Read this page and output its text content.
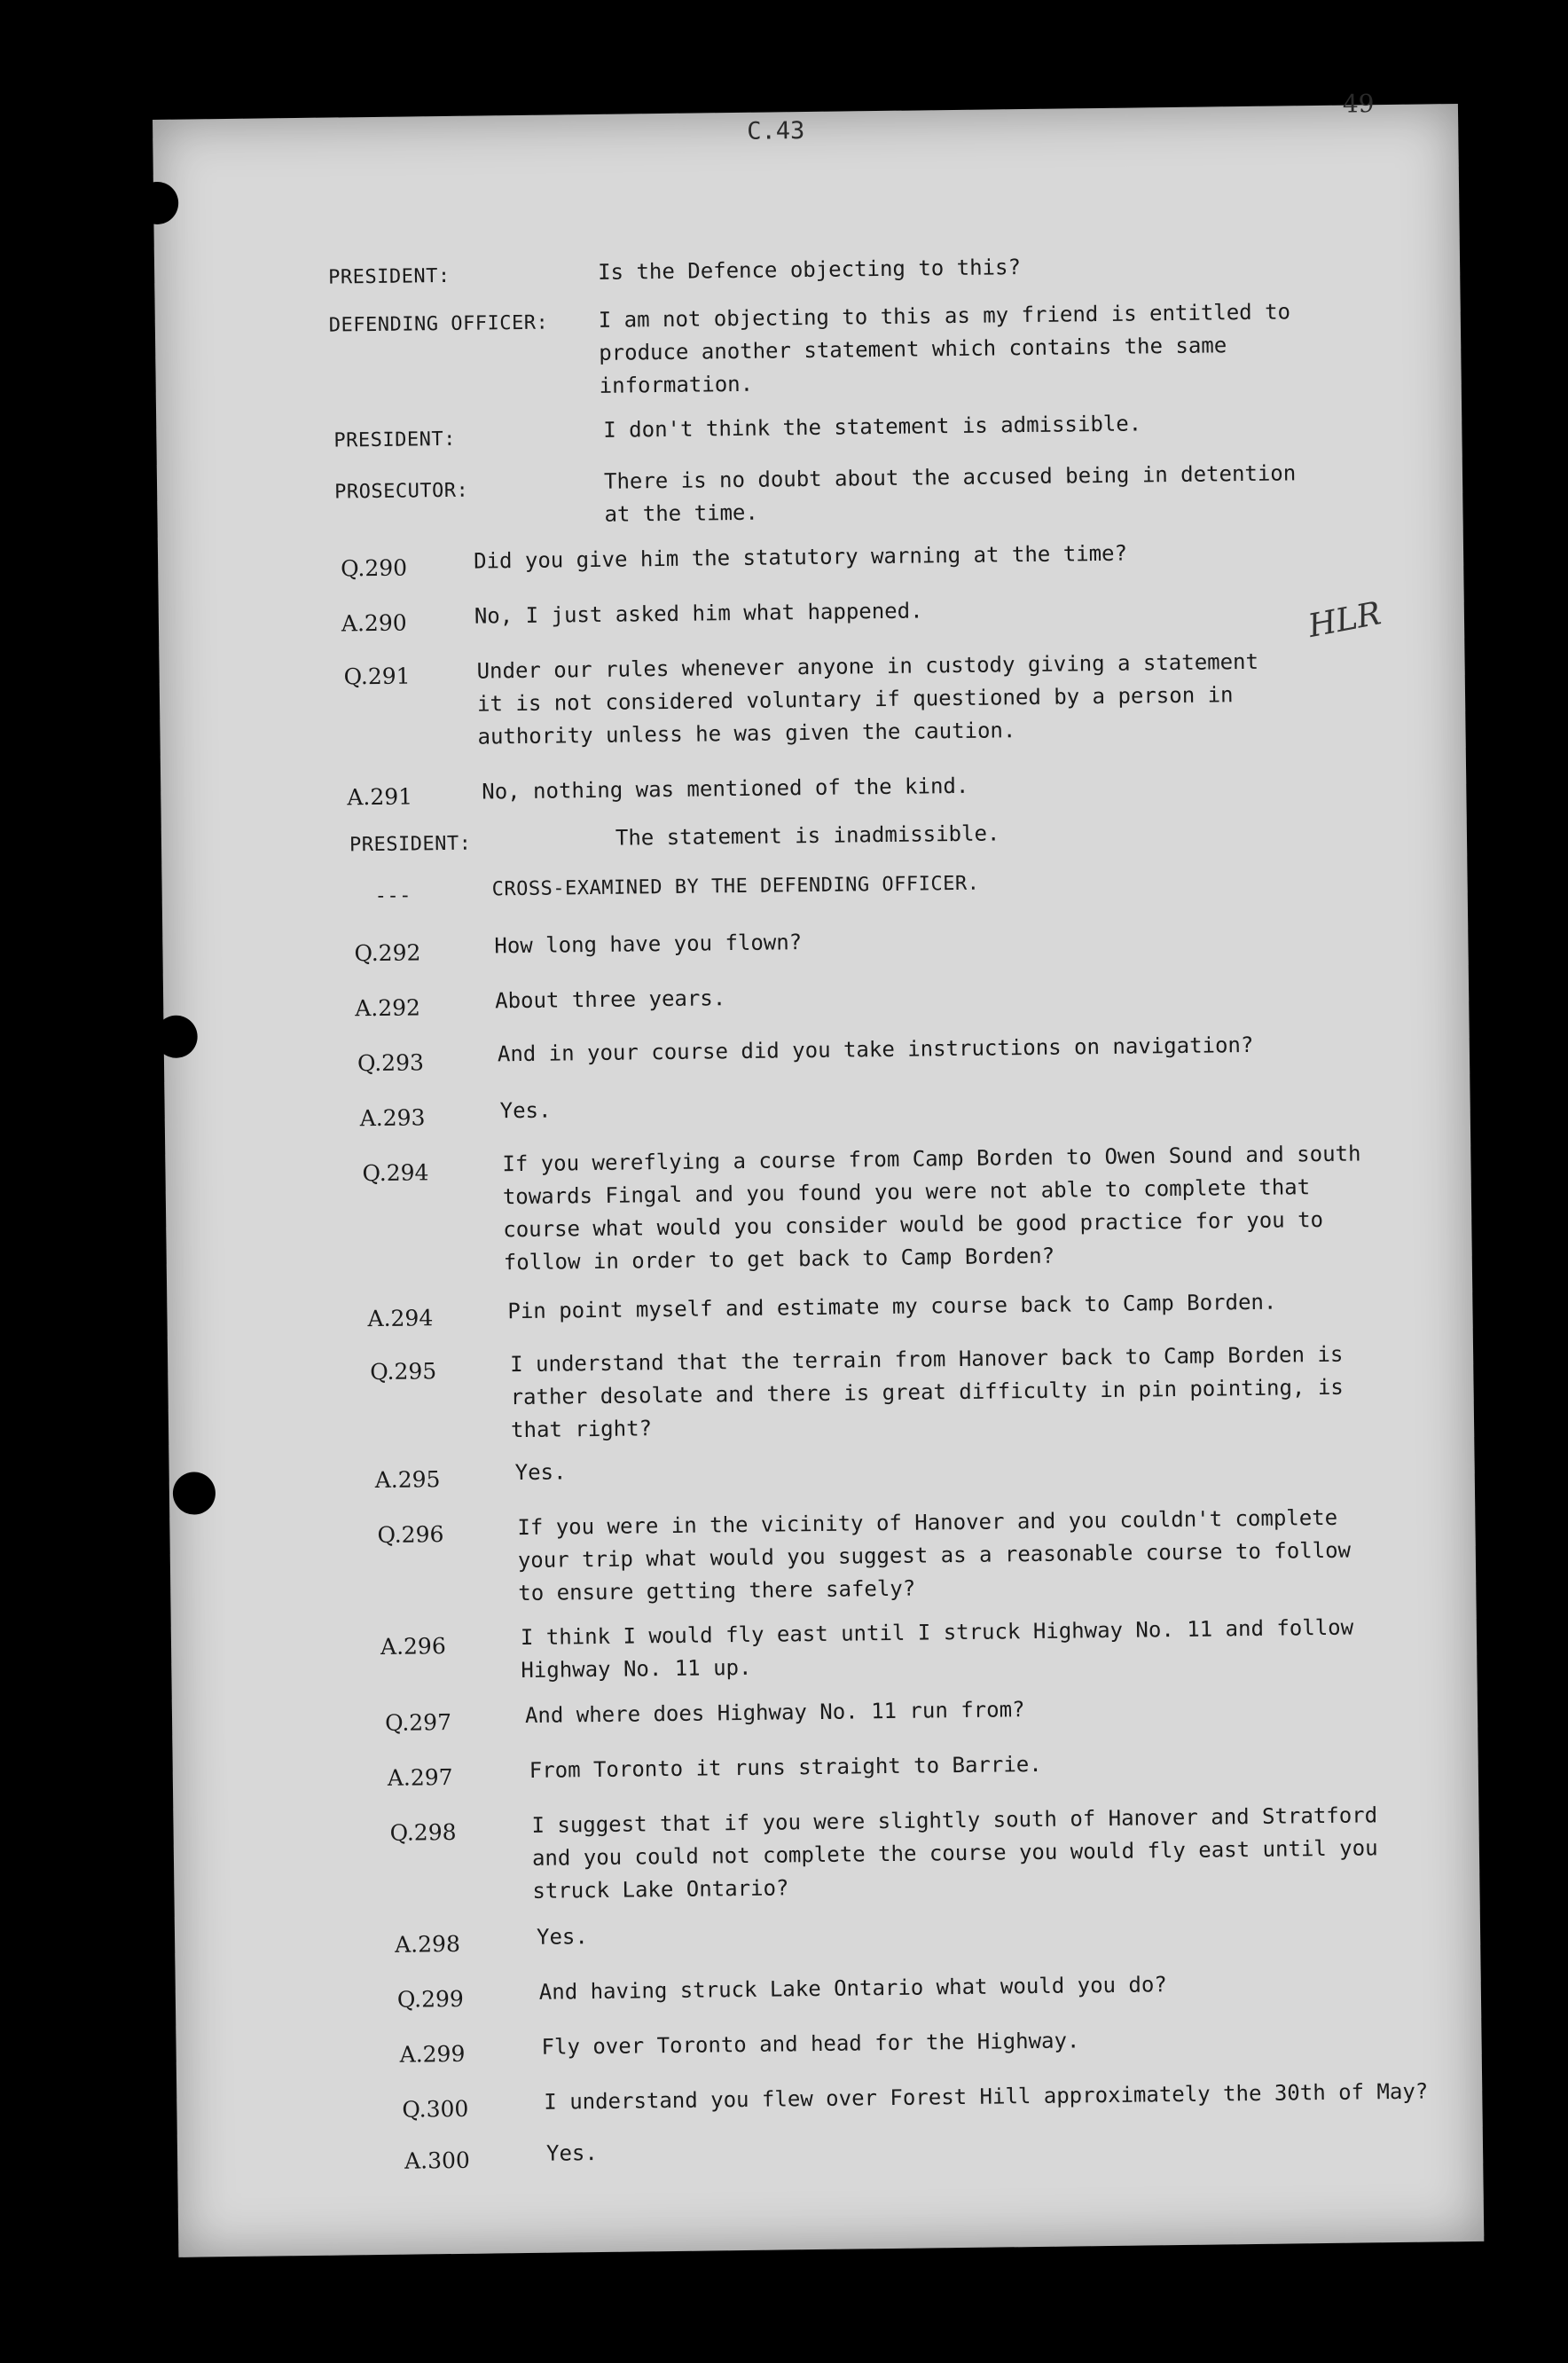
49
C.43
PRESIDENT:	Is the Defence objecting to this?
DEFENDING OFFICER: I am not objecting to this as my friend is entitled to
produce another statement which contains the same
information.
PRESIDENT:	I don't think the statement is admissible.
PROSECUTOR:	There is no doubt about the accused being in detention
at the time.
Q.290	Did you give him the statutory warning at the time?
A.290	No, I just asked him what happened.
Q.291	Under our rules whenever anyone in custody giving a statement
it is not considered voluntary if questioned by a person in
authority unless he was given the caution.
HLR
A.291	No, nothing was mentioned of the kind.
PRESIDENT:	The statement is inadmissible.
---	CROSS-EXAMINED BY THE DEFENDING OFFICER.
Q.292	How long have you flown?
A.292	About three years.
Q.293	And in your course did you take instructions on navigation?
A.293	Yes.
Q.294	If you wereflying a course from Camp Borden to Owen Sound and south
towards Fingal and you found you were not able to complete that
course what would you consider would be good practice for you to
follow in order to get back to Camp Borden?
A.294	Pin point myself and estimate my course back to Camp Borden.
Q.295	I understand that the terrain from Hanover back to Camp Borden is
rather desolate and there is great difficulty in pin pointing, is
that right?
A.295	Yes.
Q.296	If you were in the vicinity of Hanover and you couldn't complete
your trip what would you suggest as a reasonable course to follow
to ensure getting there safely?
A.296	I think I would fly east until I struck Highway No. 11 and follow
Highway No. 11 up.
Q.297	And where does Highway No. 11 run from?
A.297	From Toronto it runs straight to Barrie.
Q.298	I suggest that if you were slightly south of Hanover and Stratford
and you could not complete the course you would fly east until you
struck Lake Ontario?
A.298	Yes.
Q.299	And having struck Lake Ontario what would you do?
A.299	Fly over Toronto and head for the Highway.
Q.300	I understand you flew over Forest Hill approximately the 30th of May?
A.300	Yes.
